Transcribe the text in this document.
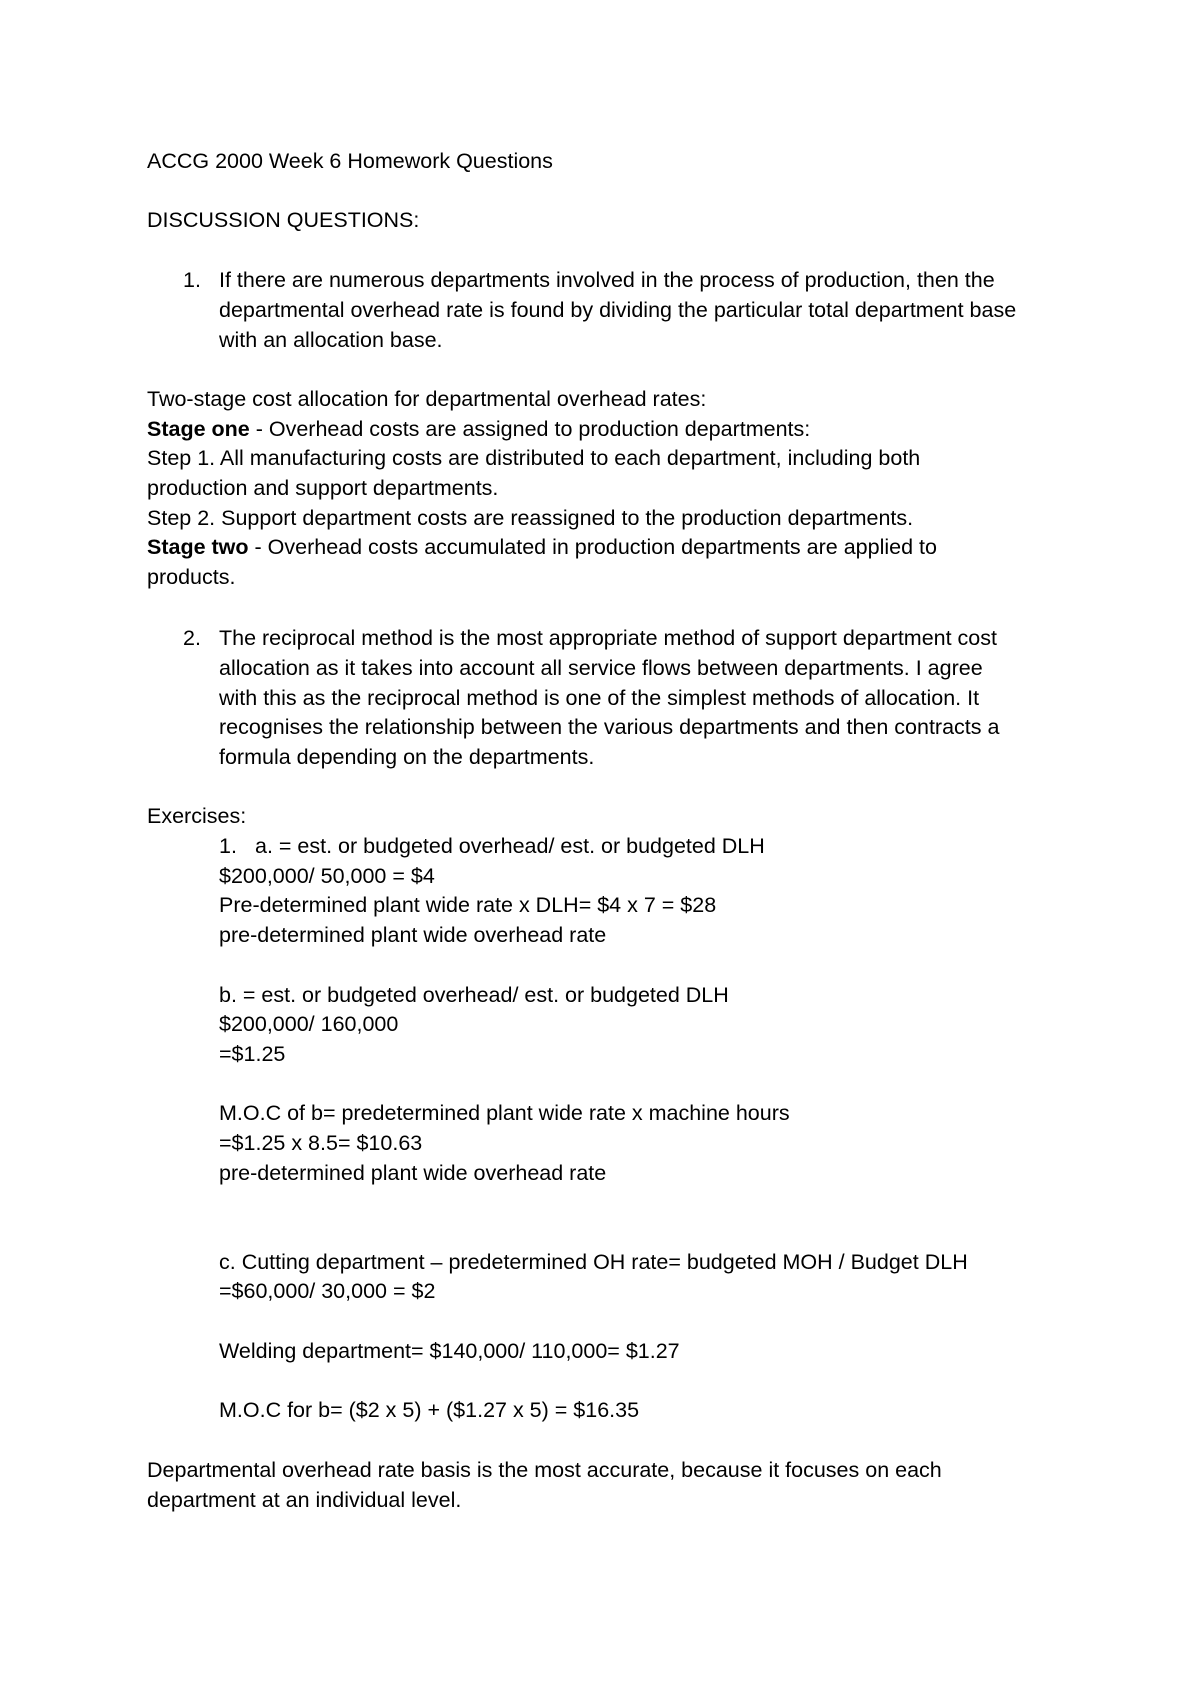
ACCG 2000 Week 6 Homework Questions
DISCUSSION QUESTIONS:
1. If there are numerous departments involved in the process of production, then the
departmental overhead rate is found by dividing the particular total department base
with an allocation base.
Two-stage cost allocation for departmental overhead rates:
Stage one - Overhead costs are assigned to production departments:
Step 1. All manufacturing costs are distributed to each department, including both
production and support departments.
Step 2. Support department costs are reassigned to the production departments.
Stage two - Overhead costs accumulated in production departments are applied to
products.
2. The reciprocal method is the most appropriate method of support department cost
allocation as it takes into account all service flows between departments. I agree
with this as the reciprocal method is one of the simplest methods of allocation. It
recognises the relationship between the various departments and then contracts a
formula depending on the departments.
Exercises:
1. a. = est. or budgeted overhead/ est. or budgeted DLH
$200,000/ 50,000 = $4
Pre-determined plant wide rate x DLH= $4 x 7 = $28
pre-determined plant wide overhead rate
b. = est. or budgeted overhead/ est. or budgeted DLH
$200,000/ 160,000
=$1.25
M.O.C of b= predetermined plant wide rate x machine hours
=$1.25 x 8.5= $10.63
pre-determined plant wide overhead rate
c. Cutting department – predetermined OH rate= budgeted MOH / Budget DLH
=$60,000/ 30,000 = $2
Welding department= $140,000/ 110,000= $1.27
M.O.C for b= ($2 x 5) + ($1.27 x 5) = $16.35
Departmental overhead rate basis is the most accurate, because it focuses on each
department at an individual level.
